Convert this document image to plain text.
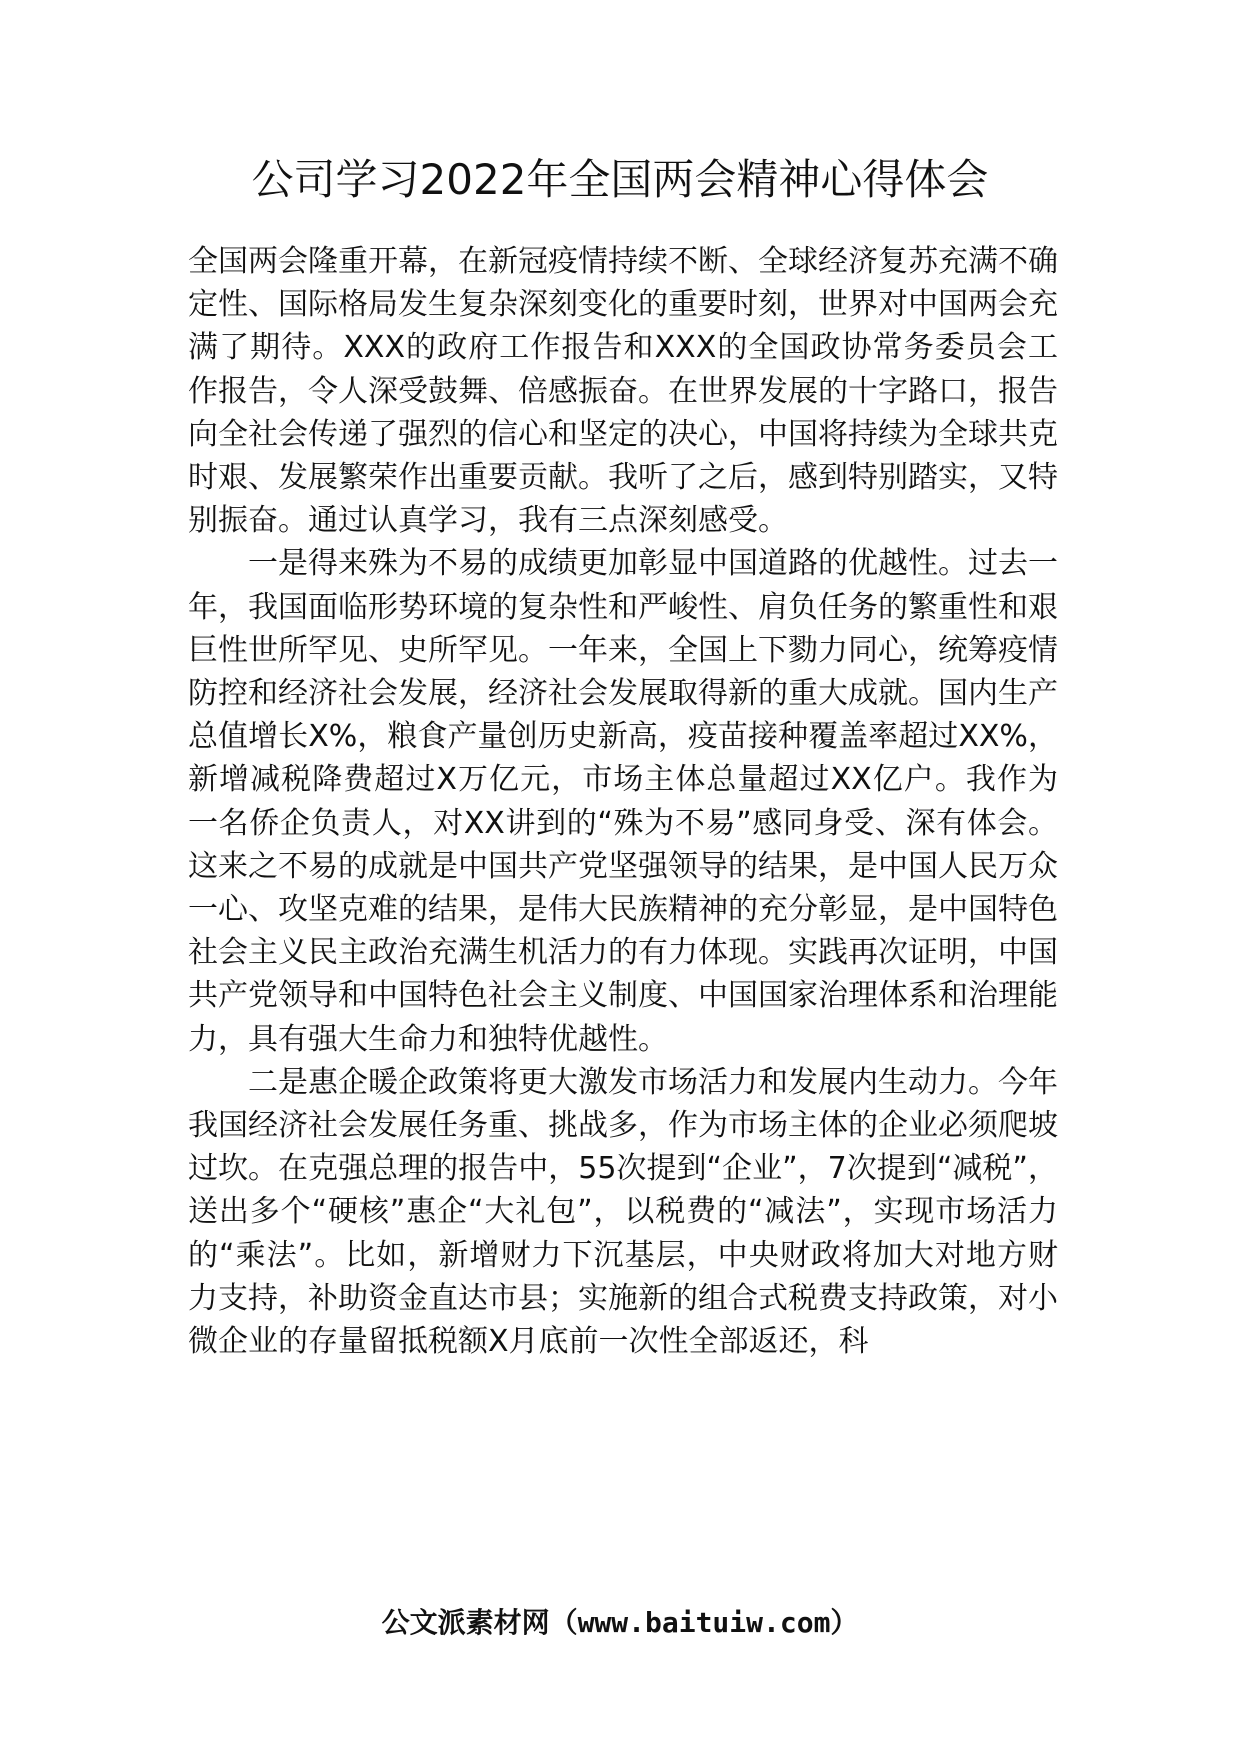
公司学习2022年全国两会精神心得体会

全国两会隆重开幕，在新冠疫情持续不断、全球经济复苏充满不确定性、国际格局发生复杂深刻变化的重要时刻，世界对中国两会充满了期待。XXX的政府工作报告和XXX的全国政协常务委员会工作报告，令人深受鼓舞、倍感振奋。在世界发展的十字路口，报告向全社会传递了强烈的信心和坚定的决心，中国将持续为全球共克时艰、发展繁荣作出重要贡献。我听了之后，感到特别踏实，又特别振奋。通过认真学习，我有三点深刻感受。

一是得来殊为不易的成绩更加彰显中国道路的优越性。过去一年，我国面临形势环境的复杂性和严峻性、肩负任务的繁重性和艰巨性世所罕见、史所罕见。一年来，全国上下勠力同心，统筹疫情防控和经济社会发展，经济社会发展取得新的重大成就。国内生产总值增长X%，粮食产量创历史新高，疫苗接种覆盖率超过XX%，新增减税降费超过X万亿元，市场主体总量超过XX亿户。我作为一名侨企负责人，对XX讲到的“殊为不易”感同身受、深有体会。这来之不易的成就是中国共产党坚强领导的结果，是中国人民万众一心、攻坚克难的结果，是伟大民族精神的充分彰显，是中国特色社会主义民主政治充满生机活力的有力体现。实践再次证明，中国共产党领导和中国特色社会主义制度、中国国家治理体系和治理能力，具有强大生命力和独特优越性。

二是惠企暖企政策将更大激发市场活力和发展内生动力。今年我国经济社会发展任务重、挑战多，作为市场主体的企业必须爬坡过坎。在克强总理的报告中，55次提到“企业”，7次提到“减税”，送出多个“硬核”惠企“大礼包”，以税费的“减法”，实现市场活力的“乘法”。比如，新增财力下沉基层，中央财政将加大对地方财力支持，补助资金直达市县；实施新的组合式税费支持政策，对小微企业的存量留抵税额X月底前一次性全部返还，科

公文派素材网（www.baituiw.com）
